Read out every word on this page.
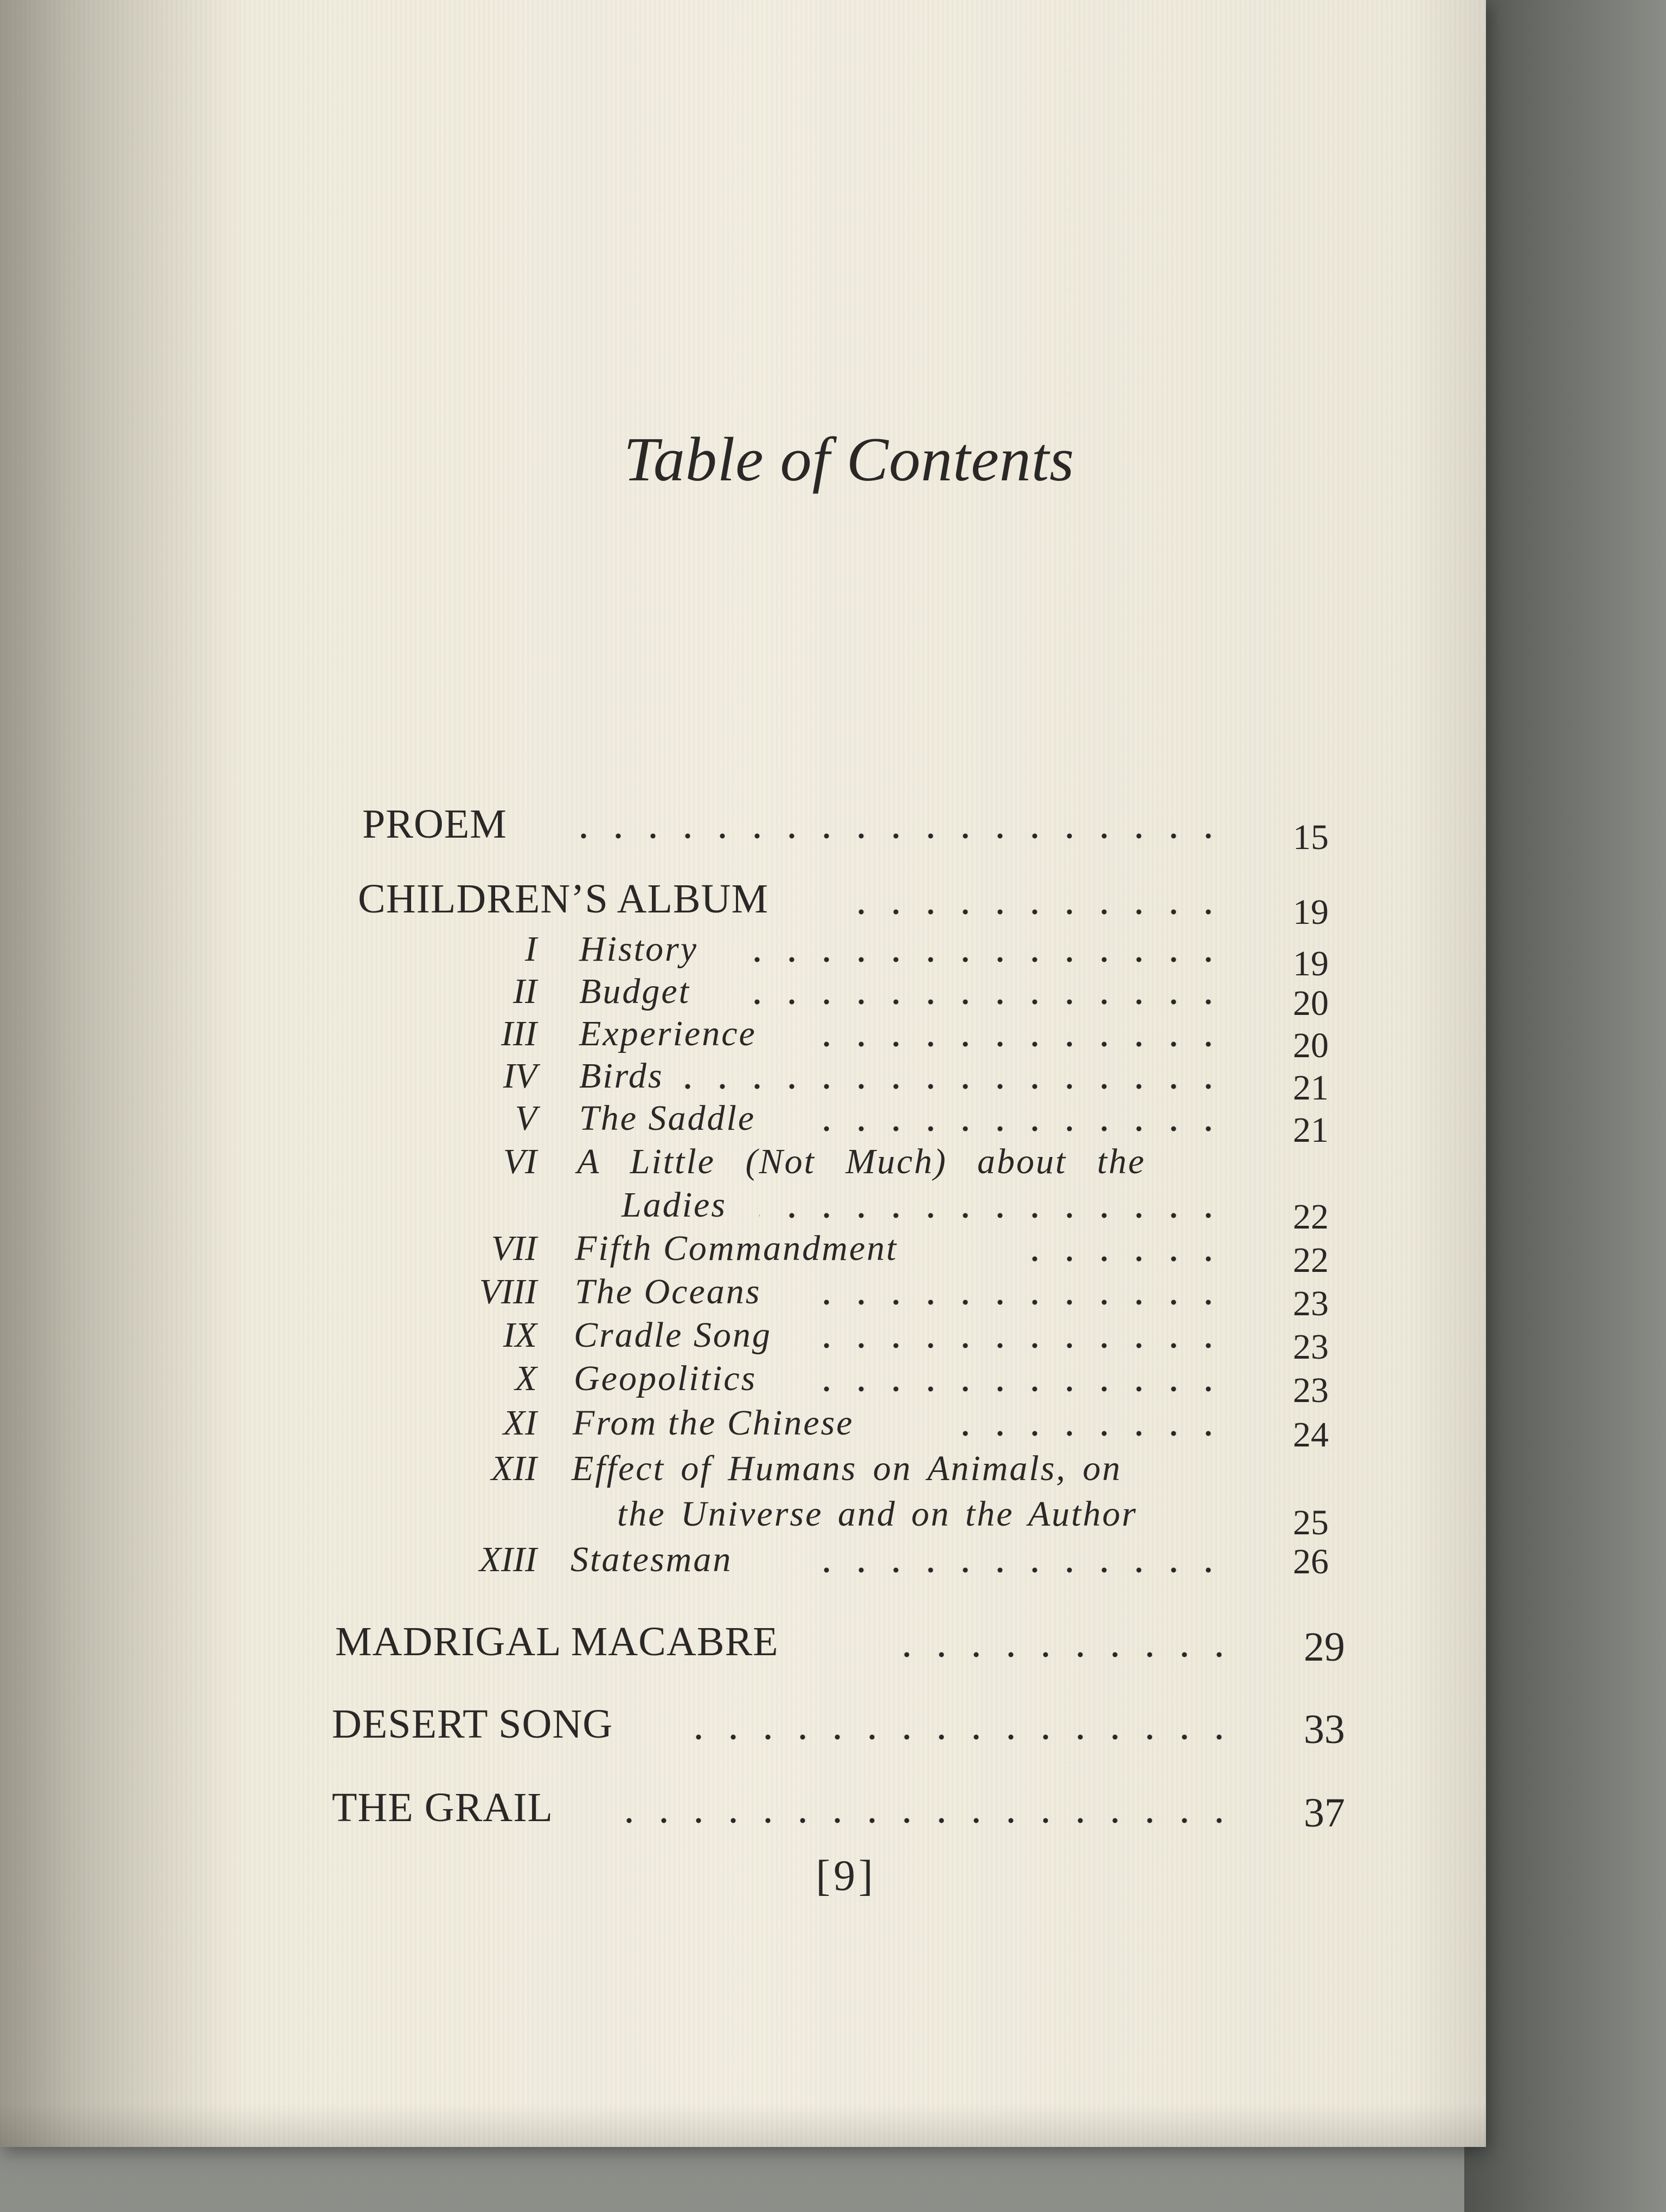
Table of Contents
PROEM	15
CHILDREN’S ALBUM	19
I History	19
II Budget	20
III Experience	20
IV Birds	21
V The Saddle	21
VI A Little (Not Much) about the
Ladies	22
VII Fifth Commandment	22
VIII The Oceans	23
IX Cradle Song	23
X Geopolitics	23
XI From the Chinese	24
XII Effect of Humans on Animals, on
the Universe and on the Author	25
XIII Statesman	26
MADRIGAL MACABRE	29
DESERT SONG	33
THE GRAIL	37
[9]
